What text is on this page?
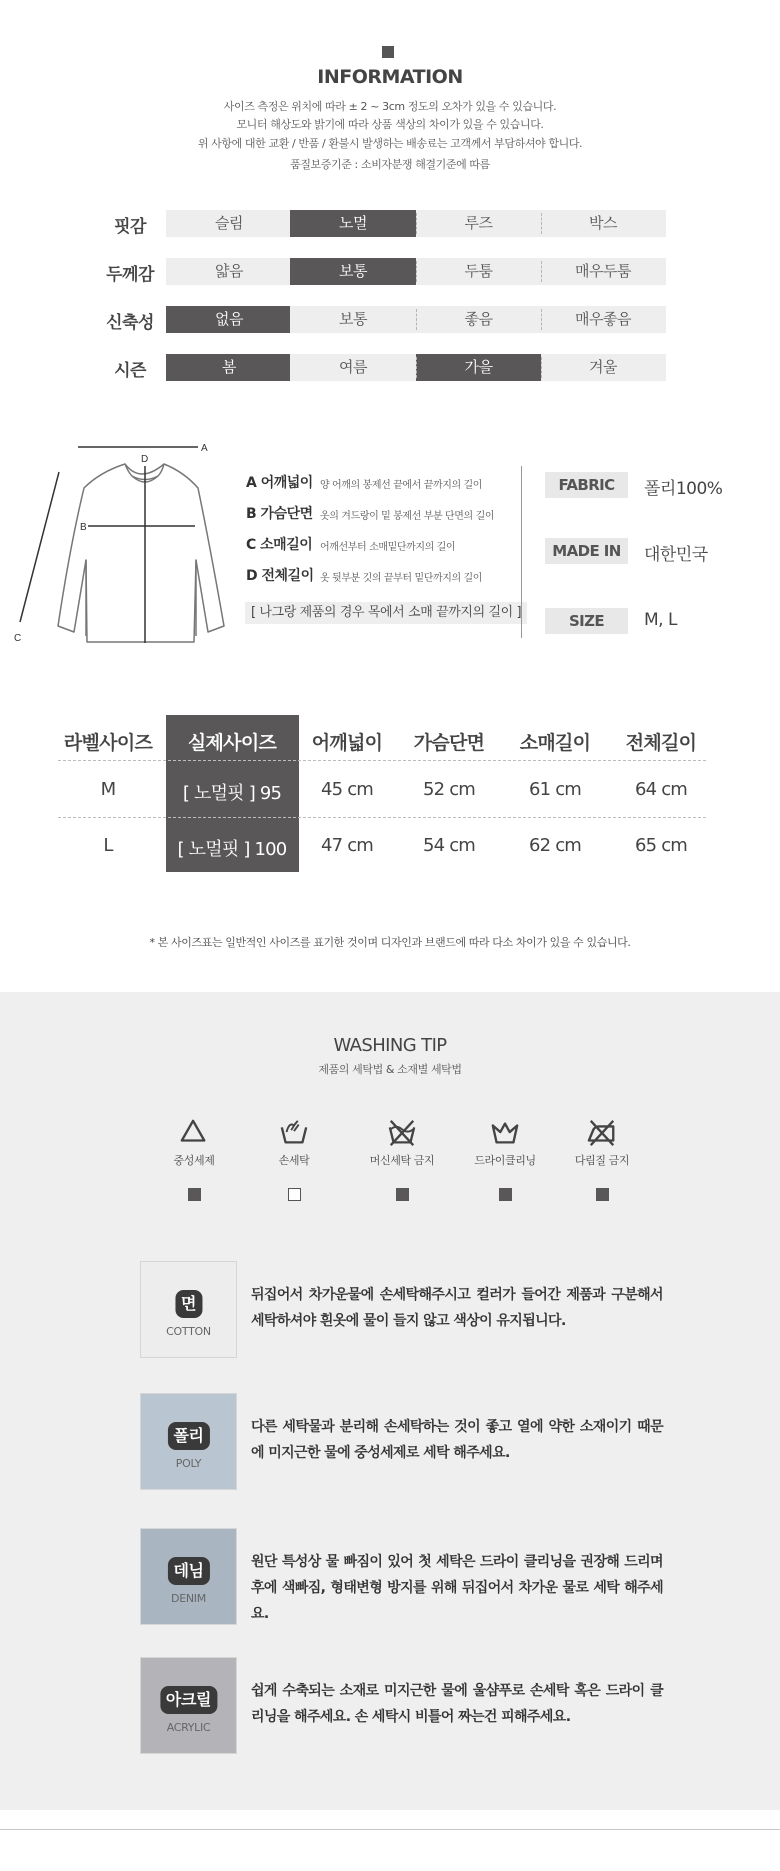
INFORMATION
사이즈 측정은 위치에 따라 ± 2 ~ 3cm 정도의 오차가 있을 수 있습니다.
모니터 해상도와 밝기에 따라 상품 색상의 차이가 있을 수 있습니다.
위 사항에 대한 교환 / 반품 / 환불시 발생하는 배송료는 고객께서 부담하셔야 합니다.
품질보증기준 : 소비자분쟁 해결기준에 따름
핏감	슬림	노멀	루즈	박스
두께감	얇음	보통	두툼	매우두툼
신축성	없음	보통	좋음	매우좋음
시즌	봄	여름	가을	겨울
A
D
B
C
A 어깨넓이 양 어깨의 봉제선 끝에서 끝까지의 길이
B 가슴단면 옷의 겨드랑이 밑 봉제선 부분 단면의 길이
C 소매길이 어깨선부터 소매밑단까지의 길이
D 전체길이 옷 뒷부분 깃의 끝부터 밑단까지의 길이
[ 나그랑 제품의 경우 목에서 소매 끝까지의 길이 ]
FABRIC	폴리100%
MADE IN	대한민국
SIZE	M, L
라벨사이즈	실제사이즈	어깨넓이	가슴단면	소매길이	전체길이
M	[ 노멀핏 ] 95	45 cm	52 cm	61 cm	64 cm
L	[ 노멀핏 ] 100	47 cm	54 cm	62 cm	65 cm
* 본 사이즈표는 일반적인 사이즈를 표기한 것이며 디자인과 브랜드에 따라 다소 차이가 있을 수 있습니다.
WASHING TIP
제품의 세탁법 & 소재별 세탁법
중성세제	손세탁	머신세탁 금지	드라이클리닝	다림질 금지
면
COTTON
뒤집어서 차가운물에 손세탁해주시고 컬러가 들어간 제품과 구분해서 세탁하셔야 흰옷에 물이 들지 않고 색상이 유지됩니다.
폴리
POLY
다른 세탁물과 분리해 손세탁하는 것이 좋고 열에 약한 소재이기 때문에 미지근한 물에 중성세제로 세탁 해주세요.
데님
DENIM
원단 특성상 물 빠짐이 있어 첫 세탁은 드라이 클리닝을 권장해 드리며 후에 색빠짐, 형태변형 방지를 위해 뒤집어서 차가운 물로 세탁 해주세요.
아크릴
ACRYLIC
쉽게 수축되는 소재로 미지근한 물에 울샴푸로 손세탁 혹은 드라이 클리닝을 해주세요. 손 세탁시 비틀어 짜는건 피해주세요.
